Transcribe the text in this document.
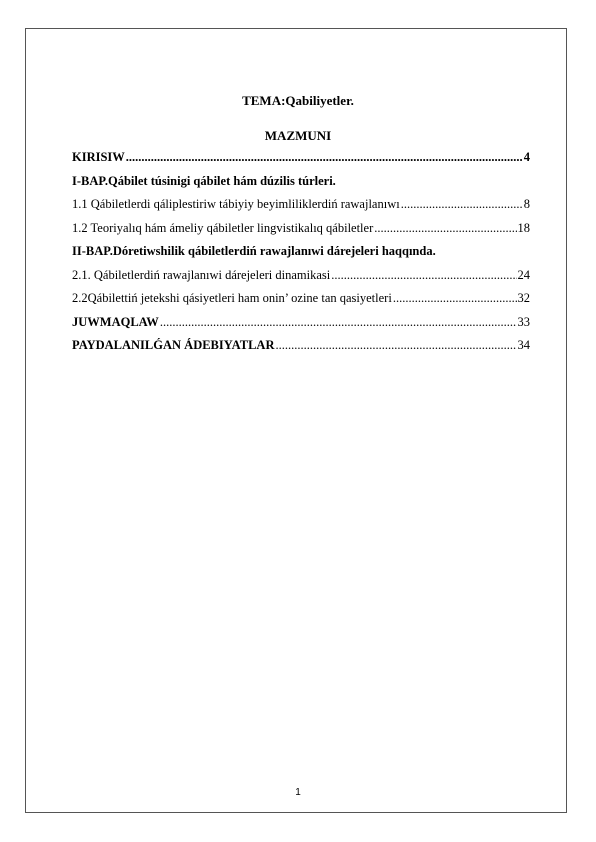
TEMA:Qabiliyetler.
MAZMUNI
KIRISIW .....	4
I-BAP.Qábilet túsinigi qábilet hám dúzilis túrleri.
1.1 Qábiletlerdi qáliplestiriw tábiyiy beyimliliklerdiń rawajlanıwı .....	8
1.2 Teoriyalıq hám ámeliy qábiletler lingvistikalıq qábiletler .....	18
II-BAP.Dóretiwshilik qábiletlerdiń rawajlanıwi dárejeleri haqqında.
2.1. Qábiletlerdiń rawajlanıwi dárejeleri dinamikasi .....	24
2.2Qábilettiń jetekshi qásiyetleri ham onin’ ozine tan qasiyetleri .....	32
JUWMAQLAW .....	33
PAYDALANILǴAN ÁDEBIYATLAR .....	34
1
